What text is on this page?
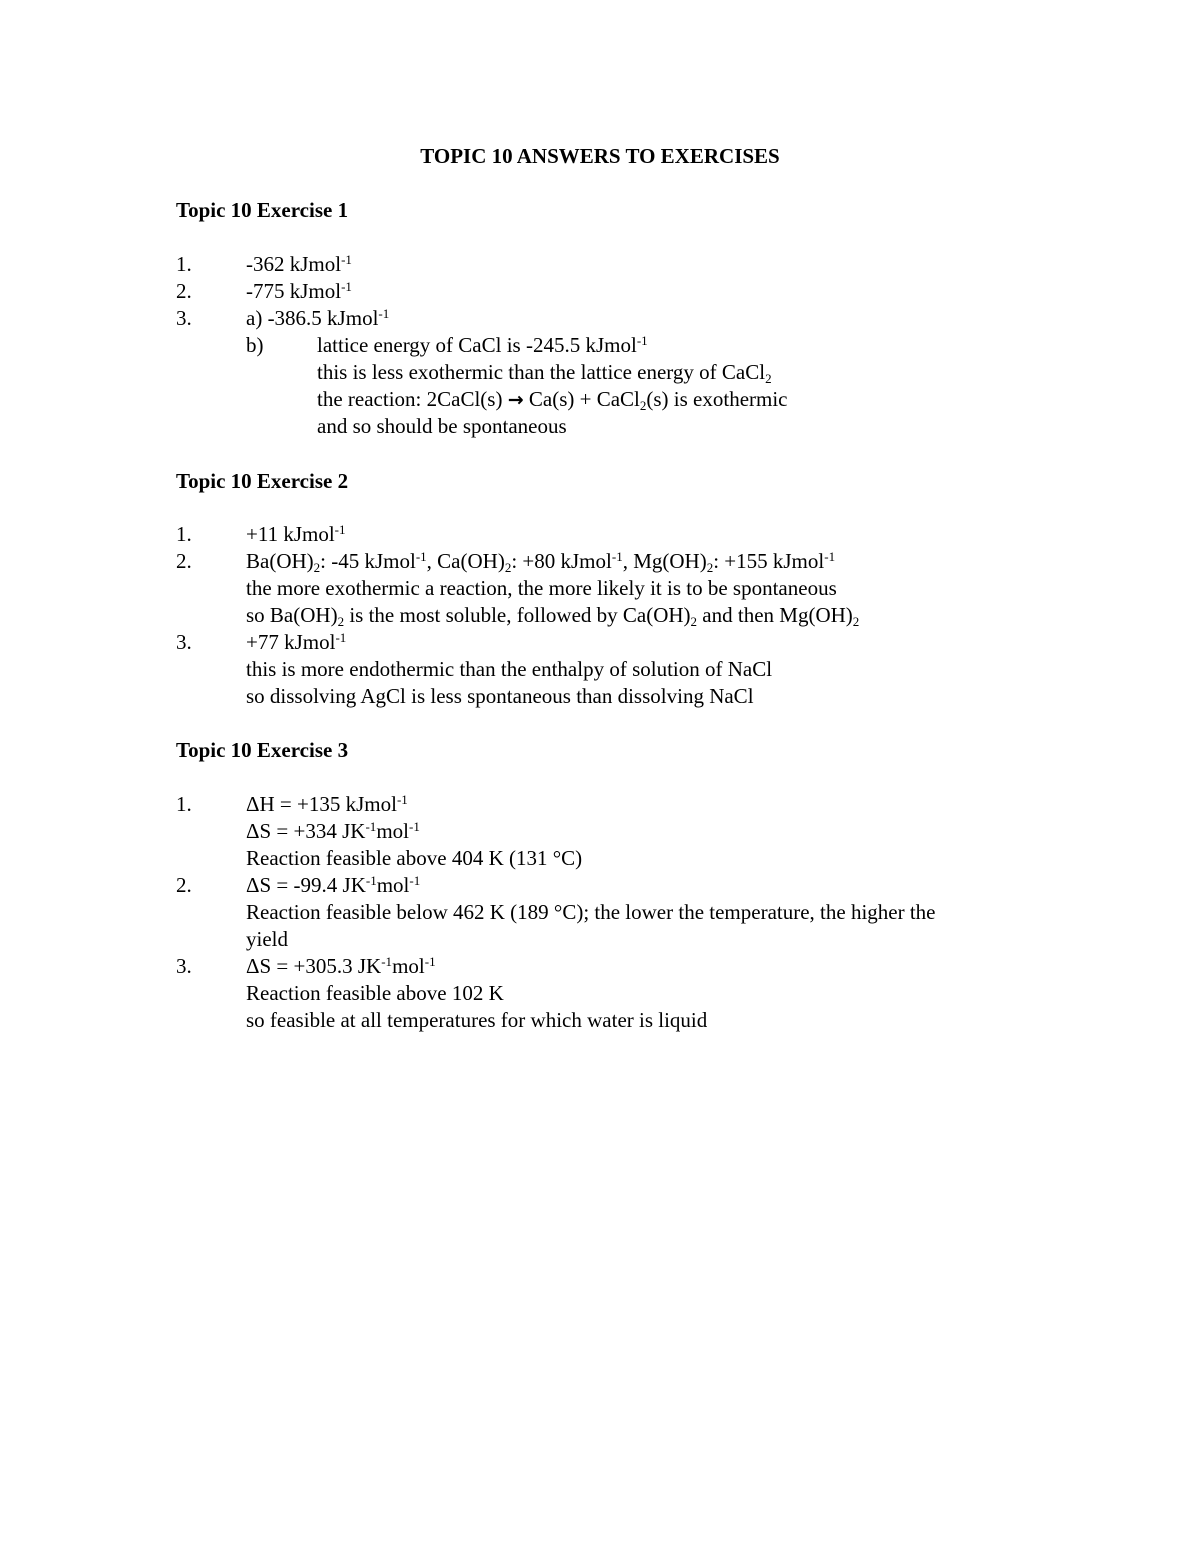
TOPIC 10 ANSWERS TO EXERCISES
Topic 10 Exercise 1
1.	-362 kJmol$^{-1}$
2.	-775 kJmol$^{-1}$
3.	a) -386.5 kJmol$^{-1}$
b)	lattice energy of CaCl is -245.5 kJmol$^{-1}$
this is less exothermic than the lattice energy of CaCl$_2$
the reaction: 2CaCl(s) → Ca(s) + CaCl$_2$(s) is exothermic
and so should be spontaneous
Topic 10 Exercise 2
1.	+11 kJmol$^{-1}$
2.	$Ba(OH)_2$: -45 kJmol$^{-1}$, $Ca(OH)_2$: +80 kJmol$^{-1}$, $Mg(OH)_2$: +155 kJmol$^{-1}$
the more exothermic a reaction, the more likely it is to be spontaneous
so $Ba(OH)_2$ is the most soluble, followed by $Ca(OH)_2$ and then $Mg(OH)_2$
3.	+77 kJmol$^{-1}$
this is more endothermic than the enthalpy of solution of NaCl
so dissolving AgCl is less spontaneous than dissolving NaCl
Topic 10 Exercise 3
1.	ΔH = +135 kJmol$^{-1}$
ΔS = +334 $JK^{-1}mol^{-1}$
Reaction feasible above 404 K (131 °C)
2.	ΔS = -99.4 $JK^{-1}mol^{-1}$
Reaction feasible below 462 K (189 °C); the lower the temperature, the higher the
yield
3.	ΔS = +305.3 $JK^{-1}mol^{-1}$
Reaction feasible above 102 K
so feasible at all temperatures for which water is liquid
